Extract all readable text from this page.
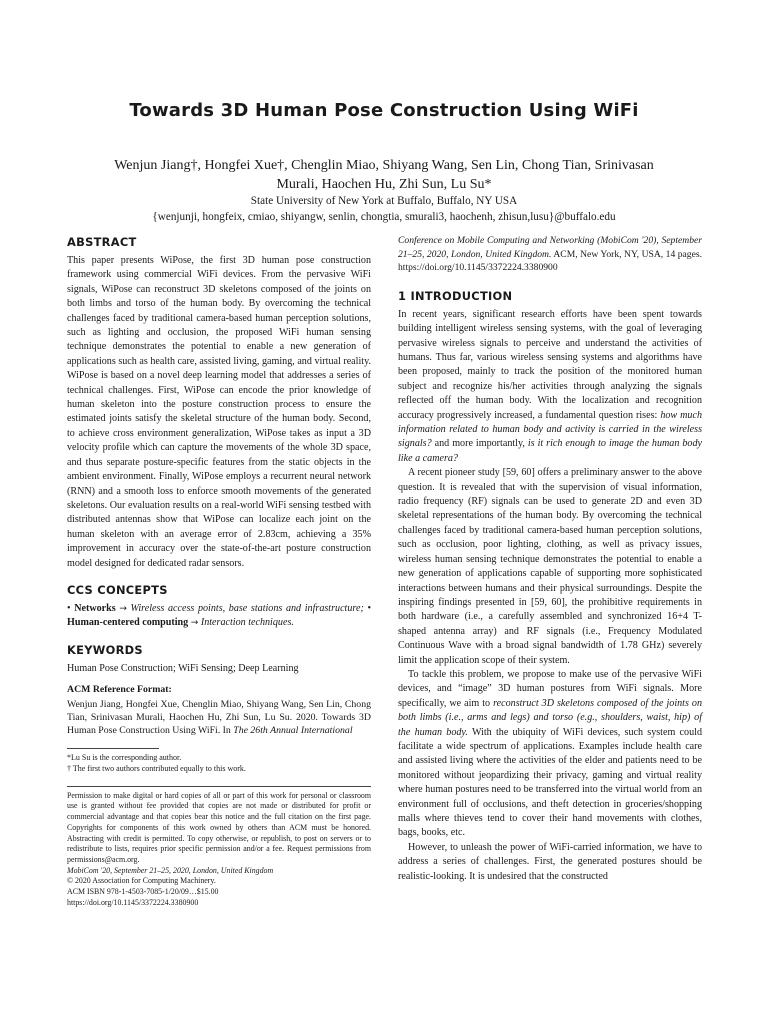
Towards 3D Human Pose Construction Using WiFi
Wenjun Jiang†, Hongfei Xue†, Chenglin Miao, Shiyang Wang, Sen Lin, Chong Tian, Srinivasan
Murali, Haochen Hu, Zhi Sun, Lu Su*
State University of New York at Buffalo, Buffalo, NY USA
{wenjunji, hongfeix, cmiao, shiyangw, senlin, chongtia, smurali3, haochenh, zhisun,lusu}@buffalo.edu
ABSTRACT

This paper presents WiPose, the first 3D human pose construction framework using commercial WiFi devices. From the pervasive WiFi signals, WiPose can reconstruct 3D skeletons composed of the joints on both limbs and torso of the human body. By overcoming the technical challenges faced by traditional camera-based human perception solutions, such as lighting and occlusion, the proposed WiFi human sensing technique demonstrates the potential to enable a new generation of applications such as health care, assisted living, gaming, and virtual reality. WiPose is based on a novel deep learning model that addresses a series of technical challenges. First, WiPose can encode the prior knowledge of human skeleton into the posture construction process to ensure the estimated joints satisfy the skeletal structure of the human body. Second, to achieve cross environment generalization, WiPose takes as input a 3D velocity profile which can capture the movements of the whole 3D space, and thus separate posture-specific features from the static objects in the ambient environment. Finally, WiPose employs a recurrent neural network (RNN) and a smooth loss to enforce smooth movements of the generated skeletons. Our evaluation results on a real-world WiFi sensing testbed with distributed antennas show that WiPose can localize each joint on the human skeleton with an average error of 2.83cm, achieving a 35% improvement in accuracy over the state-of-the-art posture construction model designed for dedicated radar sensors.

CCS CONCEPTS

• Networks → Wireless access points, base stations and infrastructure; • Human-centered computing → Interaction techniques.

KEYWORDS

Human Pose Construction; WiFi Sensing; Deep Learning

ACM Reference Format:

Wenjun Jiang, Hongfei Xue, Chenglin Miao, Shiyang Wang, Sen Lin, Chong Tian, Srinivasan Murali, Haochen Hu, Zhi Sun, Lu Su. 2020. Towards 3D Human Pose Construction Using WiFi. In The 26th Annual International

*Lu Su is the corresponding author.
† The first two authors contributed equally to this work.

Permission to make digital or hard copies of all or part of this work for personal or classroom use is granted without fee provided that copies are not made or distributed for profit or commercial advantage and that copies bear this notice and the full citation on the first page. Copyrights for components of this work owned by others than ACM must be honored. Abstracting with credit is permitted. To copy otherwise, or republish, to post on servers or to redistribute to lists, requires prior specific permission and/or a fee. Request permissions from permissions@acm.org.

MobiCom '20, September 21–25, 2020, London, United Kingdom

© 2020 Association for Computing Machinery.

ACM ISBN 978-1-4503-7085-1/20/09…$15.00

https://doi.org/10.1145/3372224.3380900

Conference on Mobile Computing and Networking (MobiCom '20), September 21–25, 2020, London, United Kingdom. ACM, New York, NY, USA, 14 pages. https://doi.org/10.1145/3372224.3380900

1 INTRODUCTION

In recent years, significant research efforts have been spent towards building intelligent wireless sensing systems, with the goal of leveraging pervasive wireless signals to perceive and understand the activities of humans. Thus far, various wireless sensing systems and algorithms have been proposed, mainly to track the position of the monitored human subject and recognize his/her activities through analyzing the signals reflected off the human body. With the localization and recognition accuracy progressively increased, a fundamental question rises: how much information related to human body and activity is carried in the wireless signals? and more importantly, is it rich enough to image the human body like a camera?

A recent pioneer study [59, 60] offers a preliminary answer to the above question. It is revealed that with the supervision of visual information, radio frequency (RF) signals can be used to generate 2D and even 3D skeletal representations of the human body. By overcoming the technical challenges faced by traditional camera-based human perception solutions, such as occlusion, poor lighting, clothing, as well as privacy issues, wireless human sensing technique demonstrates the potential to enable a new generation of applications capable of supporting more sophisticated interactions between humans and their physical surroundings. Despite the inspiring findings presented in [59, 60], the prohibitive requirements in both hardware (i.e., a carefully assembled and synchronized 16+4 T-shaped antenna array) and RF signals (i.e., Frequency Modulated Continuous Wave with a broad signal bandwidth of 1.78 GHz) severely limit the application scope of their system.

To tackle this problem, we propose to make use of the pervasive WiFi devices, and “image” 3D human postures from WiFi signals. More specifically, we aim to reconstruct 3D skeletons composed of the joints on both limbs (i.e., arms and legs) and torso (e.g., shoulders, waist, hip) of the human body. With the ubiquity of WiFi devices, such system could facilitate a wide spectrum of applications. Examples include health care and assisted living where the activities of the elder and patients need to be monitored without jeopardizing their privacy, gaming and virtual reality where human postures need to be transferred into the virtual world from an environment full of occlusions, and theft detection in groceries/shopping malls where thieves tend to cover their hand movements with clothes, bags, books, etc.

However, to unleash the power of WiFi-carried information, we have to address a series of challenges. First, the generated postures should be realistic-looking. It is undesired that the constructed
